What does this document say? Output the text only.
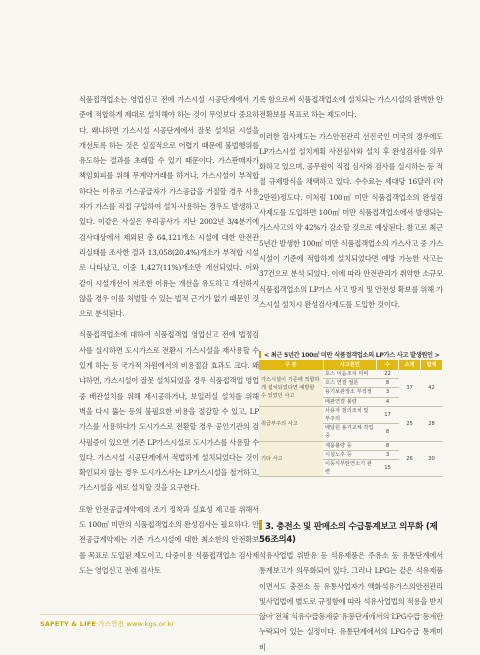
식품접객업소는 영업신고 전에 가스시설 시공단계에서 기준에 적합하게 제대로 설치해야 하는 것이 무엇보다 중요하다. 왜냐하면 가스시설 시공단계에서 잘못 설치된 시설을 개선토록 하는 것은 실질적으로 어렵기 때문에 불법행위를 유도하는 결과를 초래할 수 있기 때문이다. 가스판매자가 책임회피를 위해 무계약거래를 하거나, 가스시설이 부적합하다는 이유로 가스공급자가 가스공급을 거절할 경우 사용자가 가스를 직접 구입하여 설치·사용하는 경우도 발생하고 있다. 이같은 사실은 우리공사가 지난 2002년 3/4분기에 검사대상에서 제외된 총 64,121개소 시설에 대한 안전관리실태를 조사한 결과 13,058(20.4%)개소가 부적합 시설로 나타났고, 이중 1,427(11%)개소만 개선되었다. 이와 같이 시설개선이 저조한 이유는 개선을 유도하고 개선하지 않을 경우 이를 처벌할 수 있는 법적 근거가 없기 때문인 것으로 분석된다.

식품접객업소에 대하여 식품접객업 영업신고 전에 법정검사를 실시하면 도시가스로 전환시 가스시설을 재사용할 수 있게 하는 등 국가적 차원에서의 비용절감 효과도 크다. 왜냐하면, 가스시설이 잘못 설치되었을 경우 식품접객업 영업 중 배관설치를 위해 재시공하거나, 보일러실 설치를 위해 벽을 다시 뚫는 등의 불필요한 비용을 절감할 수 있고, LP가스를 사용하다가 도시가스로 전환할 경우 공인기관의 검사필증이 있으면 기존 LP가스시설로 도시가스를 사용할 수 있다. 가스시설 시공단계에서 적법하게 설치되었다는 것이 확인되지 않는 경우 도시가스사는 LP가스시설을 철거하고, 가스시설을 새로 설치할 것을 요구한다.

또한 안전공급계약제의 조기 정착과 실효성 제고를 위해서도 100㎡ 미만의 식품접객업소의 완성검사는 필요하다. 안전공급계약제는 기존 가스시설에 대한 최소한의 안전확보를 목표로 도입된 제도이고, 다중이용 식품접객업소 검사제도는 영업신고 전에 검사토

록 함으로써 식품접객업소에 설치되는 가스시설의 완벽한 안전확보를 목표로 하는 제도이다.

이러한 검사제도는 가스안전관리 선진국인 미국의 경우에도 LP가스시설 설치계획 사전심사와 설치 후 완성검사를 의무화하고 있으며, 공무원이 직접 심사와 검사를 실시하는 등 적절 규제방식을 채택하고 있다. 수수료는 세대당 16달러 (약 2만원)정도다. 이처럼 100㎡ 미만 식품접객업소의 완성검사제도를 도입하면 100㎡ 미만 식품접객업소에서 발생되는 가스사고의 약 42%가 감소할 것으로 예상된다. 참고로 최근 5년간 발생한 100㎡ 미만 식품접객업소의 가스사고 중 가스시설이 기준에 적합하게 설치되었다면 예방 가능한 사고는 37건으로 분석 되었다. 이에 따라 안전관리가 취약한 소규모 식품접객업소의 LP가스 사고 방지 및 안전성 확보를 위해 가스시설 설치시 완성검사제도를 도입한 것이다.

< 최근 5년간 100㎡ 미만 식품접객업소의 LP가스 사고 발생원인 >
구 분	사고원인	수	소계	합계
가스시설이 기준에 적합하게 설치되었다면 예방할 수 있었던 사고	호스 이음조치 미비	22	37	42
	호스 연결 절분	8		
	용기보관장소 부적정	3		
	배관연결 불량	4		
취급부주의 사고	사용자 점의조치 및 부주의	17	25	28
	배달원 용기교체 작업중	8		
기타 사고	제품불량 등	8	26	30
	시설노후 등	3		
	이동식부탄연소기 관련	15		
3. 충전소 및 판매소의 수급통계보고 의무화 (제56조의4)
석유사업법 위반유 등 석유제품은 주유소 등 유통단계에서 통계보고가 의무화되어 있다. 그러나 LPG는 같은 석유제품이면서도 충전소 등 유통사업자가 액화석유가스의안전관리및사업법에 별도로 규정함에 따라 석유사업법의 적용을 받지 않아 전체 석유수급통계중 유통단계에서의 LPG수급 통계만 누락되어 있는 실정이다. 유통단계에서의 LPG수급 통계미비
SAFETY & LIFE·가스안전 www.kgs.or.kr
